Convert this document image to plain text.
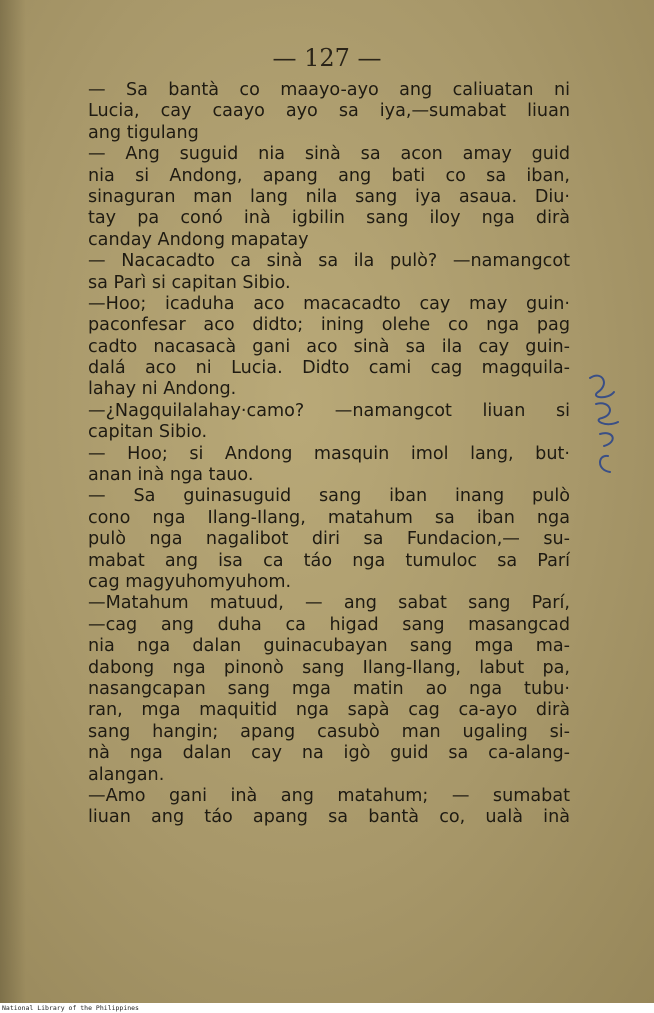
— 127 —
— Sa bantà co maayo-ayo ang caliuatan ni
Lucia, cay caayo ayo sa iya,—sumabat liuan
ang tigulang
— Ang suguid nia sinà sa acon amay guid
nia si Andong, apang ang bati co sa iban,
sinaguran man lang nila sang iya asaua. Diu·
tay pa conó inà igbilin sang iloy nga dirà
canday Andong mapatay
— Nacacadto ca sinà sa ila pulò? —namangcot
sa Parì si capitan Sibio.
—Hoo; icaduha aco macacadto cay may guin·
paconfesar aco didto; ining olehe co nga pag
cadto nacasacà gani aco sinà sa ila cay guin-
dalá aco ni Lucia. Didto cami cag magquila-
lahay ni Andong.
—¿Nagquilalahay·camo? —namangcot liuan si
capitan Sibio.
— Hoo; si Andong masquin imol lang, but·
anan inà nga tauo.
— Sa guinasuguid sang iban inang pulò
cono nga Ilang-Ilang, matahum sa iban nga
pulò nga nagalibot diri sa Fundacion,— su-
mabat ang isa ca táo nga tumuloc sa Parí
cag magyuhomyuhom.
—Matahum matuud, — ang sabat sang Parí,
—cag ang duha ca higad sang masangcad
nia nga dalan guinacubayan sang mga ma-
dabong nga pinonò sang Ilang-Ilang, labut pa,
nasangcapan sang mga matin ao nga tubu·
ran, mga maquitid nga sapà cag ca-ayo dirà
sang hangin; apang casubò man ugaling si-
nà nga dalan cay na igò guid sa ca-alang-
alangan.
—Amo gani inà ang matahum; — sumabat
liuan ang táo apang sa bantà co, ualà inà
National Library of the Philippines
